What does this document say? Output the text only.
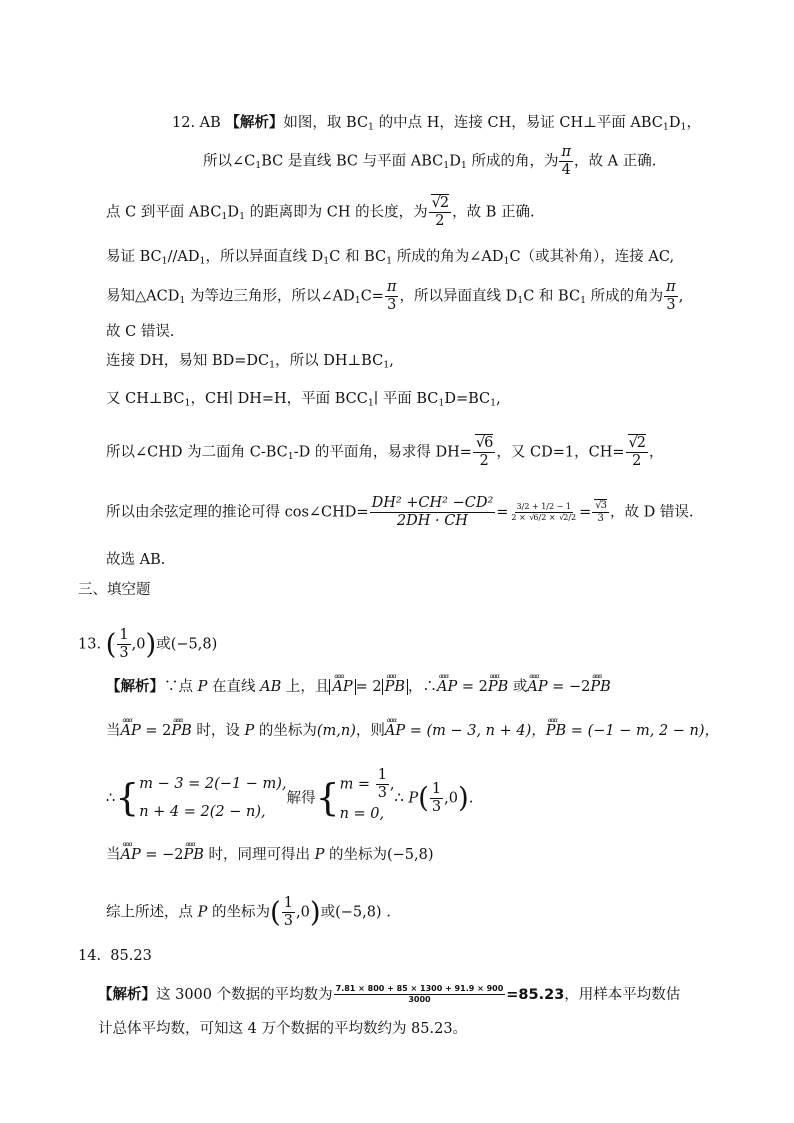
12. AB 【解析】如图，取 $BC_1$ 的中点 H，连接 CH，易证 CH⊥平面 $ABC_1D_1$，
所以$\angle C_1BC$ 是直线 BC 与平面 $ABC_1D_1$ 所成的角，为 $\frac{\pi}{4}$ ，故 A 正确.
点 C 到平面 $ABC_1D_1$ 的距离即为 CH 的长度，为 √ $\frac{2}{2}$ ，故 B 正确.
易证 $BC_1//AD_1$，所以异面直线 $D_1C$ 和 $BC_1$ 所成的角为$\angle AD_1C$（或其补角），连接 AC,
易知$\triangle ACD_1$ 为等边三角形，所以$\angle AD_1C= \frac{\pi}{3}$ ，所以异面直线 $D_1C$ 和 $BC_1$ 所成的角为 $\frac{\pi}{3}$ ,
故 C 错误.
连接 DH，易知 $BD=DC_1$，所以 $DH\perp BC_1$,
又 $CH\perp BC_1$，CH∣ DH=H，平面 $BCC_1∣$ 平面 $BC_1D=BC_1$,
所以∠CHD 为二面角 $C-BC_1-D$ 的平面角，易求得 DH= √ $\frac{6}{2}$ ，又 CD=1，CH= √ $\frac{2}{2}$ ，
所以由余弦定理的推论可得 cos∠CHD= $\frac{\text{DH² +CH² −CD²}}{2DH \cdot CH} = \frac{3/2 + 1/2 - 1}{2 \times √ 6/2 \times √ 2/2}$ = √ $\frac{3}{3}$ ，故 D 错误.
故选 AB.
三、填空题
13. ( $\frac{1}{3} ,0$)或(−5,8)
【解析】∵点 P 在直线 AB 上，且 ɑɑɑ AP = 2 ɑɑɑ PB ，∴ɑɑɑ AP = 2ɑɑɑ PB 或ɑɑɑ AP = −2ɑɑɑ PB
当ɑɑɑ AP = 2ɑɑɑ PB 时，设 P 的坐标为(m,n)，则ɑɑɑ AP = (m − 3, n + 4)，ɑɑɑ PB = (−1 − m, 2 − n)，
∴{m − 3 = 2(−1 − m),
n + 4 = 2(2 − n),解得{$m = \frac{1}{3}$ ,
n = 0,∴ $P( \frac{1}{3} ,0)$.
当ɑɑɑ AP = −2ɑɑɑ PB 时，同理可得出 P 的坐标为(−5,8)
综上所述，点 P 的坐标为( $\frac{1}{3} ,0$)或(−5,8) .
14. 85.23
【解析】这 3000 个数据的平均数为 $\frac{7.81 \times 800 + 85 \times 1300 + 91.9 \times 900}{3000} =85.23$，用样本平均数估
计总体平均数，可知这 4 万个数据的平均数约为 85.23。
